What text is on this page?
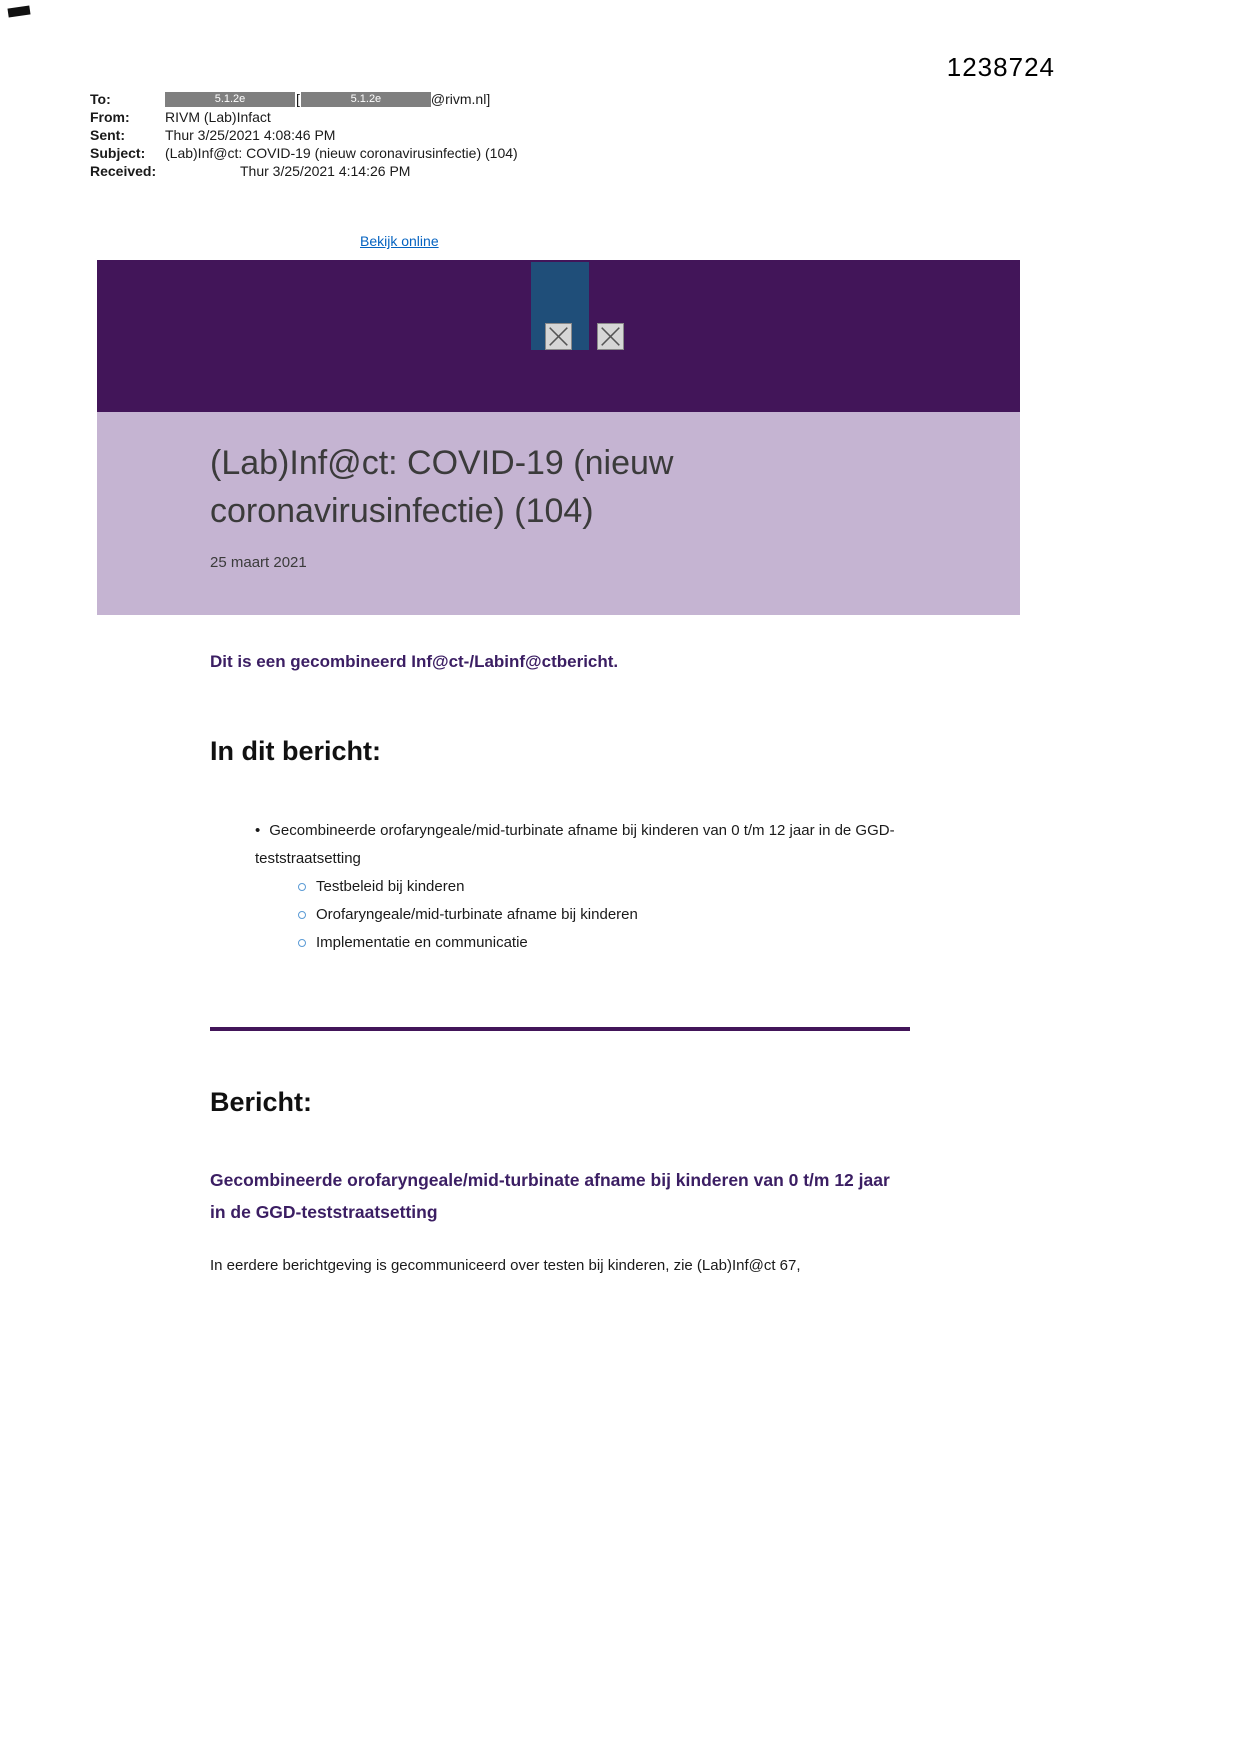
1238724
To:	5.1.2e	[	5.1.2e	@rivm.nl]
From:	RIVM (Lab)Infact
Sent:	Thur 3/25/2021 4:08:46 PM
Subject:	(Lab)Inf@ct: COVID-19 (nieuw coronavirusinfectie) (104)
Received:	Thur 3/25/2021 4:14:26 PM
Bekijk online
(Lab)Inf@ct: COVID-19 (nieuw coronavirusinfectie) (104)
25 maart 2021

Dit is een gecombineerd Inf@ct-/Labinf@ctbericht.

In dit bericht:
• Gecombineerde orofaryngeale/mid-turbinate afname bij kinderen van 0 t/m 12 jaar in de GGD-teststraatsetting
Testbeleid bij kinderen
Orofaryngeale/mid-turbinate afname bij kinderen
Implementatie en communicatie
Bericht:
Gecombineerde orofaryngeale/mid-turbinate afname bij kinderen van 0 t/m 12 jaar in de GGD-teststraatsetting

In eerdere berichtgeving is gecommuniceerd over testen bij kinderen, zie (Lab)Inf@ct 67,
